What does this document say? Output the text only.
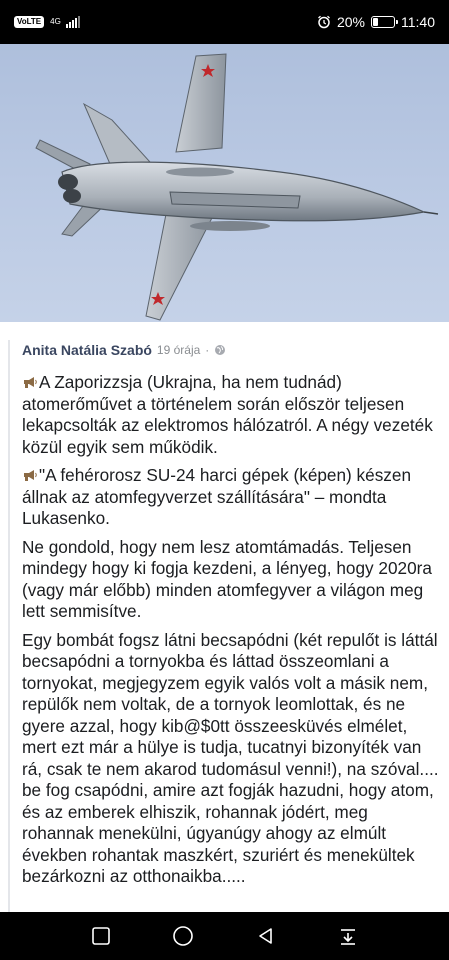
VoLTE	4G	20%	11:40
Anita Natália Szabó 19 órája ·

A Zaporizzsja (Ukrajna, ha nem tudnád) atomerőművet a történelem során először teljesen lekapcsolták az elektromos hálózatról. A négy vezeték közül egyik sem működik.

"A fehérorosz SU-24 harci gépek (képen) készen állnak az atomfegyverzet szállítására" – mondta Lukasenko.

Ne gondold, hogy nem lesz atomtámadás. Teljesen mindegy hogy ki fogja kezdeni, a lényeg, hogy 2020ra (vagy már előbb) minden atomfegyver a világon meg lett semmisítve.

Egy bombát fogsz látni becsapódni (két repulőt is láttál becsapódni a tornyokba és láttad összeomlani a tornyokat, megjegyzem egyik valós volt a másik nem, repülők nem voltak, de a tornyok leomlottak, és ne gyere azzal, hogy kib@$0tt összeesküvés elmélet, mert ezt már a hülye is tudja, tucatnyi bizonyíték van rá, csak te nem akarod tudomásul venni!), na szóval.... be fog csapódni, amire azt fogják hazudni, hogy atom, és az emberek elhiszik, rohannak jódért, meg rohannak menekülni, úgyanúgy ahogy az elmúlt években rohantak maszkért, szuriért és menekültek bezárkozni az otthonaikba.....
